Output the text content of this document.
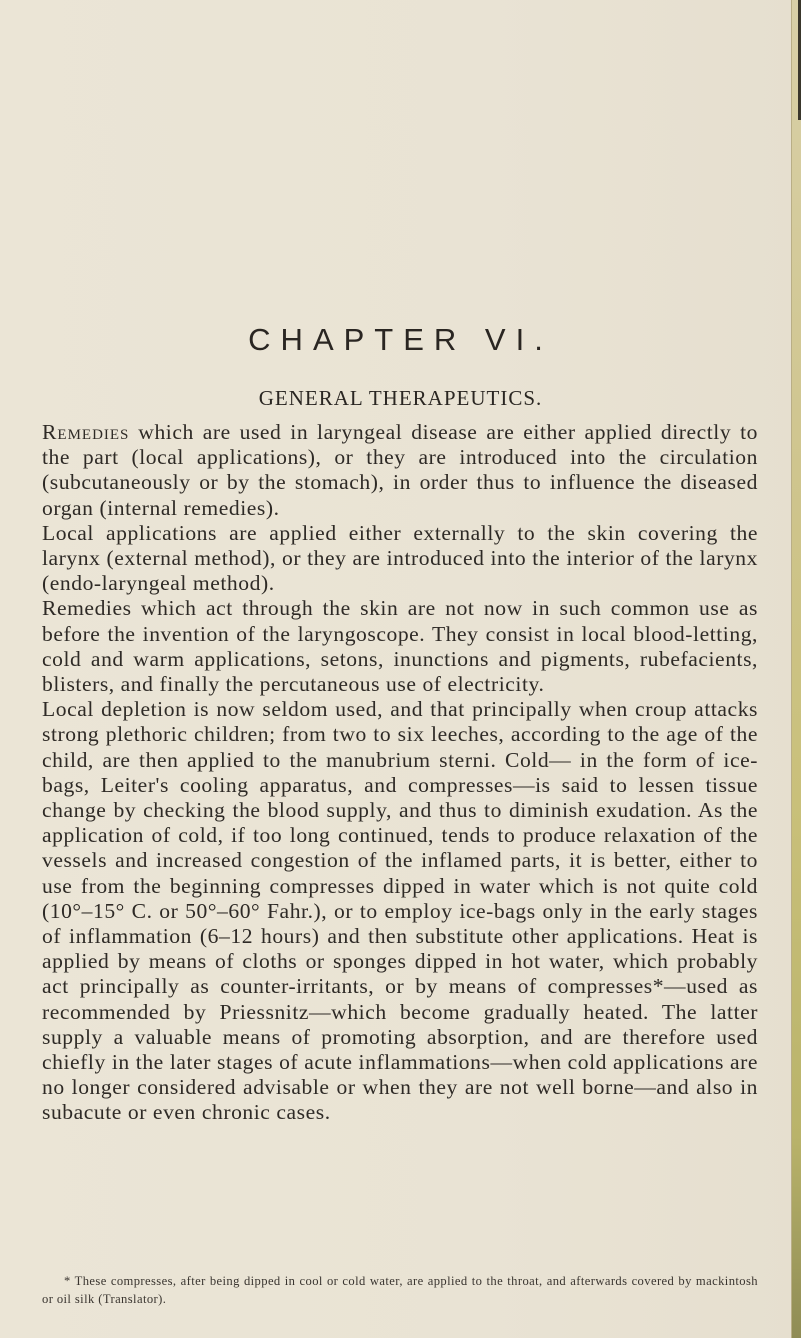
CHAPTER VI.
GENERAL THERAPEUTICS.

Remedies which are used in laryngeal disease are either applied directly to the part (local applications), or they are introduced into the circulation (subcutaneously or by the stomach), in order thus to influence the diseased organ (internal remedies).

Local applications are applied either externally to the skin covering the larynx (external method), or they are introduced into the interior of the larynx (endo-laryngeal method).

Remedies which act through the skin are not now in such common use as before the invention of the laryngoscope. They consist in local blood-letting, cold and warm applications, setons, inunctions and pigments, rubefacients, blisters, and finally the percutaneous use of electricity.

Local depletion is now seldom used, and that principally when croup attacks strong plethoric children; from two to six leeches, according to the age of the child, are then applied to the manubrium sterni. Cold— in the form of ice-bags, Leiter's cooling apparatus, and compresses—is said to lessen tissue change by checking the blood supply, and thus to diminish exudation. As the application of cold, if too long continued, tends to produce relaxation of the vessels and increased congestion of the inflamed parts, it is better, either to use from the beginning compresses dipped in water which is not quite cold (10°–15° C. or 50°–60° Fahr.), or to employ ice-bags only in the early stages of inflammation (6–12 hours) and then substitute other applications. Heat is applied by means of cloths or sponges dipped in hot water, which probably act principally as counter-irritants, or by means of compresses*—used as recommended by Priessnitz—which become gradually heated. The latter supply a valuable means of promoting absorption, and are therefore used chiefly in the later stages of acute inflammations—when cold applications are no longer considered advisable or when they are not well borne—and also in subacute or even chronic cases.

* These compresses, after being dipped in cool or cold water, are applied to the throat, and afterwards covered by mackintosh or oil silk (Translator).
